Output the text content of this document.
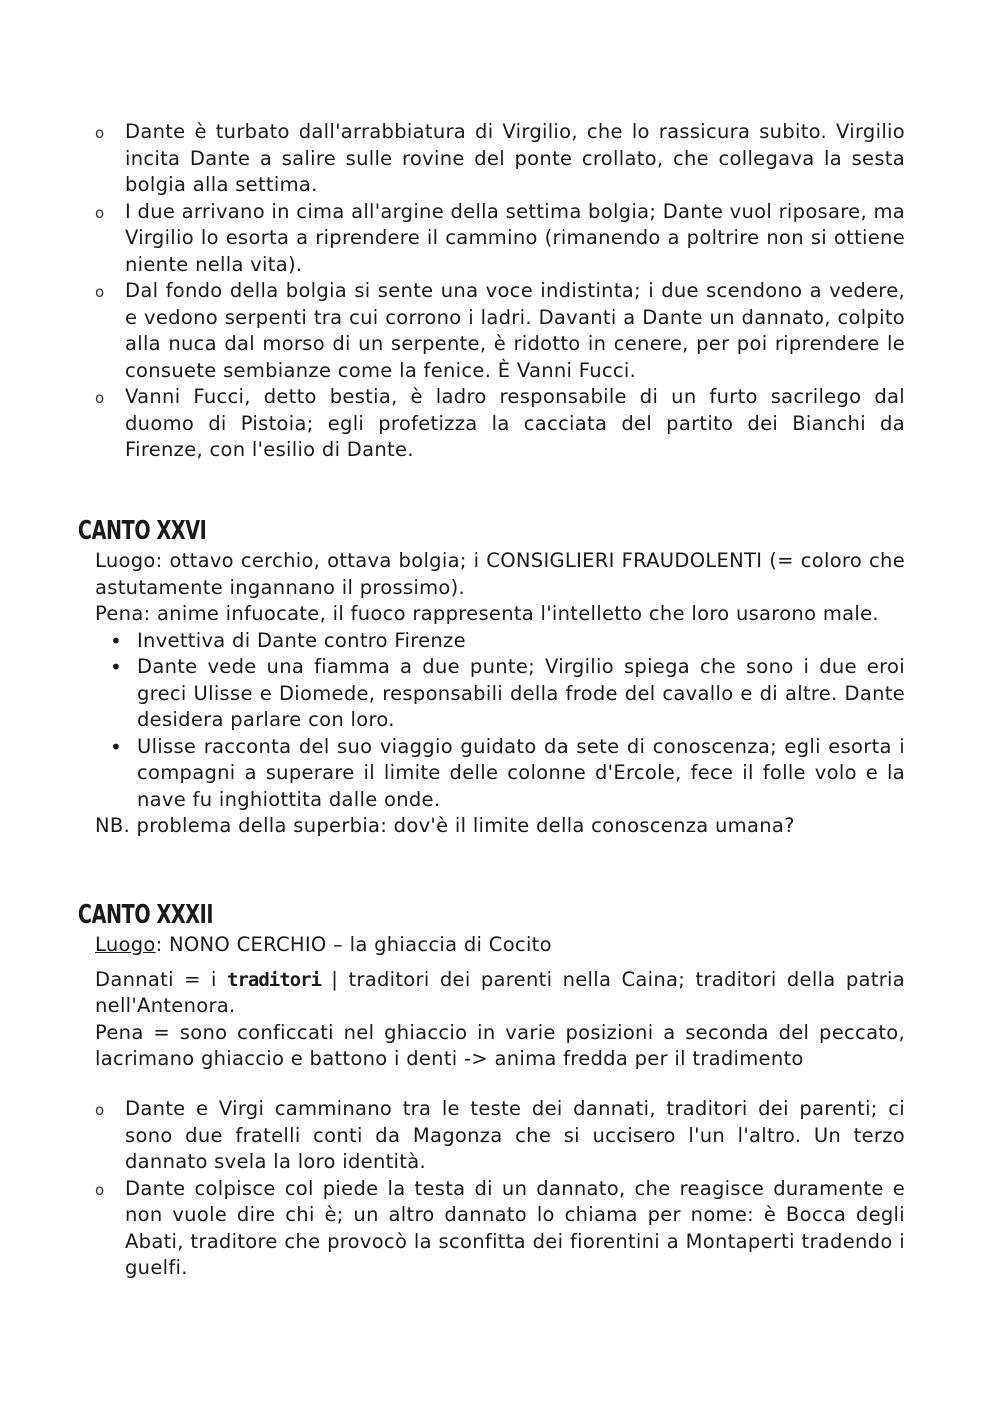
o Dante è turbato dall'arrabbiatura di Virgilio, che lo rassicura subito. Virgilio incita Dante a salire sulle rovine del ponte crollato, che collegava la sesta bolgia alla settima.
o I due arrivano in cima all'argine della settima bolgia; Dante vuol riposare, ma Virgilio lo esorta a riprendere il cammino (rimanendo a poltrire non si ottiene niente nella vita).
o Dal fondo della bolgia si sente una voce indistinta; i due scendono a vedere, e vedono serpenti tra cui corrono i ladri. Davanti a Dante un dannato, colpito alla nuca dal morso di un serpente, è ridotto in cenere, per poi riprendere le consuete sembianze come la fenice. È Vanni Fucci.
o Vanni Fucci, detto bestia, è ladro responsabile di un furto sacrilego dal duomo di Pistoia; egli profetizza la cacciata del partito dei Bianchi da Firenze, con l'esilio di Dante.
CANTO XXVI
Luogo: ottavo cerchio, ottava bolgia; i CONSIGLIERI FRAUDOLENTI (= coloro che astutamente ingannano il prossimo).
Pena: anime infuocate, il fuoco rappresenta l'intelletto che loro usarono male.
• Invettiva di Dante contro Firenze
• Dante vede una fiamma a due punte; Virgilio spiega che sono i due eroi greci Ulisse e Diomede, responsabili della frode del cavallo e di altre. Dante desidera parlare con loro.
• Ulisse racconta del suo viaggio guidato da sete di conoscenza; egli esorta i compagni a superare il limite delle colonne d'Ercole, fece il folle volo e la nave fu inghiottita dalle onde.
NB. problema della superbia: dov'è il limite della conoscenza umana?
CANTO XXXII
Luogo: NONO CERCHIO – la ghiaccia di Cocito
Dannati = i traditori | traditori dei parenti nella Caina; traditori della patria nell'Antenora.
Pena = sono conficcati nel ghiaccio in varie posizioni a seconda del peccato, lacrimano ghiaccio e battono i denti -> anima fredda per il tradimento
o Dante e Virgi camminano tra le teste dei dannati, traditori dei parenti; ci sono due fratelli conti da Magonza che si uccisero l'un l'altro. Un terzo dannato svela la loro identità.
o Dante colpisce col piede la testa di un dannato, che reagisce duramente e non vuole dire chi è; un altro dannato lo chiama per nome: è Bocca degli Abati, traditore che provocò la sconfitta dei fiorentini a Montaperti tradendo i guelfi.
